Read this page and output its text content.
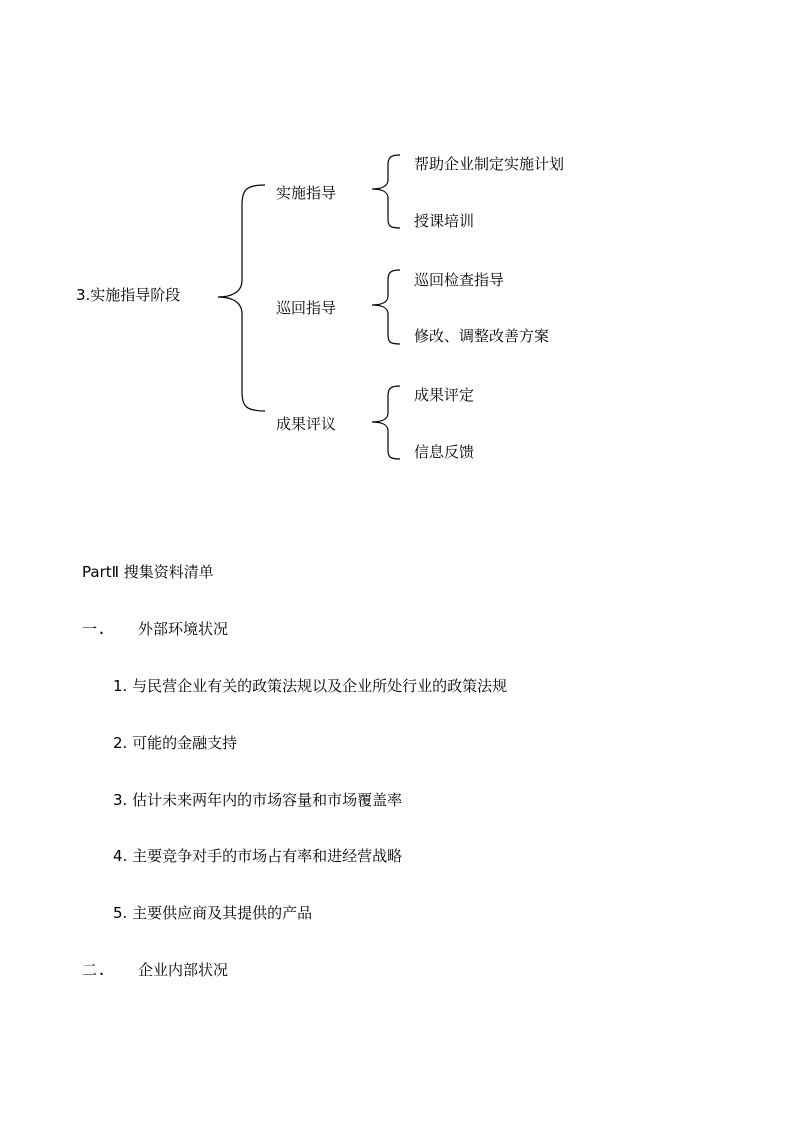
3.实施指导阶段
实施指导
巡回指导
成果评议
帮助企业制定实施计划
授课培训
巡回检查指导
修改、调整改善方案
成果评定
信息反馈
PartⅡ 搜集资料清单
一. 外部环境状况
1. 与民营企业有关的政策法规以及企业所处行业的政策法规
2. 可能的金融支持
3. 估计未来两年内的市场容量和市场覆盖率
4. 主要竞争对手的市场占有率和进经营战略
5. 主要供应商及其提供的产品
二. 企业内部状况
